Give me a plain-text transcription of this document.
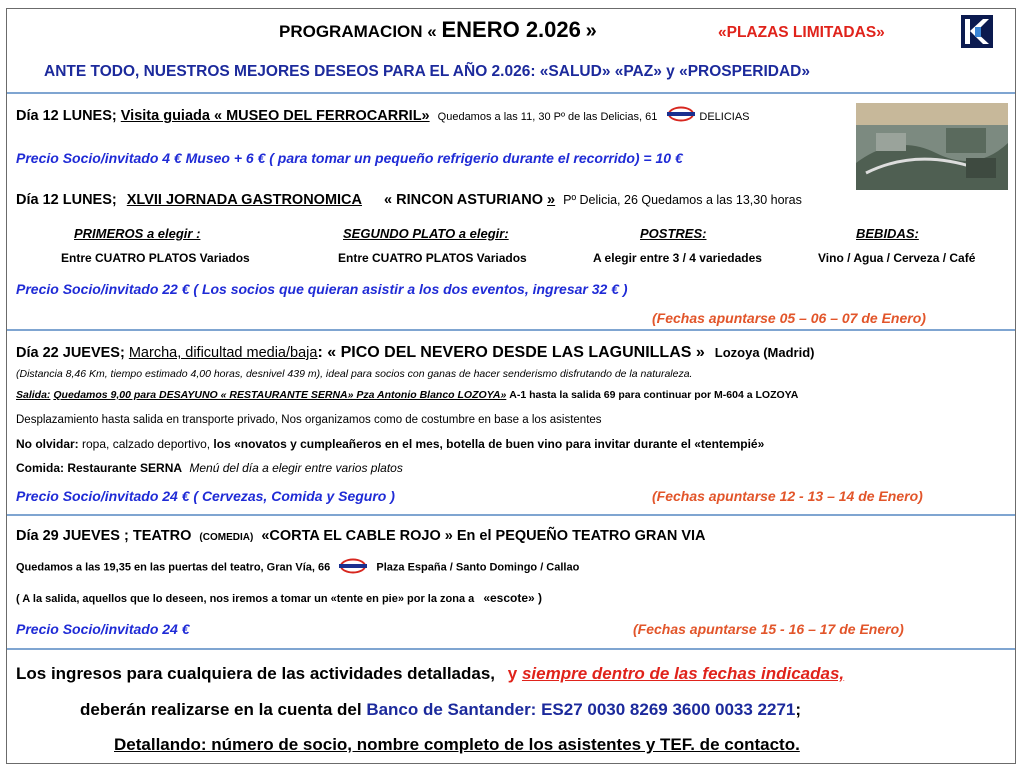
PROGRAMACION « ENERO 2.026 »	«PLAZAS LIMITADAS»
ANTE TODO, NUESTROS MEJORES DESEOS PARA EL AÑO 2.026: «SALUD» «PAZ» y «PROSPERIDAD»
Día 12 LUNES; Visita guiada « MUSEO DEL FERROCARRIL» Quedamos a las 11, 30 Pº de las Delicias, 61	DELICIAS
Precio Socio/invitado 4 € Museo + 6 € ( para tomar un pequeño refrigerio durante el recorrido) = 10 €
Día 12 LUNES; XLVII JORNADA GASTRONOMICA « RINCON ASTURIANO » Pº Delicia, 26 Quedamos a las 13,30 horas
PRIMEROS a elegir :	SEGUNDO PLATO a elegir:	POSTRES:	BEBIDAS:
Entre CUATRO PLATOS Variados	Entre CUATRO PLATOS Variados	A elegir entre 3 / 4 variedades	Vino / Agua / Cerveza / Café
Precio Socio/invitado 22 € ( Los socios que quieran asistir a los dos eventos, ingresar 32 € )
(Fechas apuntarse 05 – 06 – 07 de Enero)
Día 22 JUEVES; Marcha, dificultad media/baja: « PICO DEL NEVERO DESDE LAS LAGUNILLAS » Lozoya (Madrid)
(Distancia 8,46 Km, tiempo estimado 4,00 horas, desnivel 439 m), ideal para socios con ganas de hacer senderismo disfrutando de la naturaleza.
Salida: Quedamos 9,00 para DESAYUNO « RESTAURANTE SERNA» Pza Antonio Blanco LOZOYA» A-1 hasta la salida 69 para continuar por M-604 a LOZOYA
Desplazamiento hasta salida en transporte privado, Nos organizamos como de costumbre en base a los asistentes
No olvidar: ropa, calzado deportivo, los «novatos y cumpleañeros en el mes, botella de buen vino para invitar durante el «tentempié»
Comida: Restaurante SERNA Menú del día a elegir entre varios platos
Precio Socio/invitado 24 € ( Cervezas, Comida y Seguro )	(Fechas apuntarse 12 - 13 – 14 de Enero)
Día 29 JUEVES ; TEATRO (COMEDIA) «CORTA EL CABLE ROJO » En el PEQUEÑO TEATRO GRAN VIA
Quedamos a las 19,35 en las puertas del teatro, Gran Vía, 66	Plaza España / Santo Domingo / Callao
( A la salida, aquellos que lo deseen, nos iremos a tomar un «tente en pie» por la zona a «escote» )
Precio Socio/invitado 24 €	(Fechas apuntarse 15 - 16 – 17 de Enero)
Los ingresos para cualquiera de las actividades detalladas, y siempre dentro de las fechas indicadas,
deberán realizarse en la cuenta del Banco de Santander: ES27 0030 8269 3600 0033 2271;
Detallando: número de socio, nombre completo de los asistentes y TEF. de contacto.
